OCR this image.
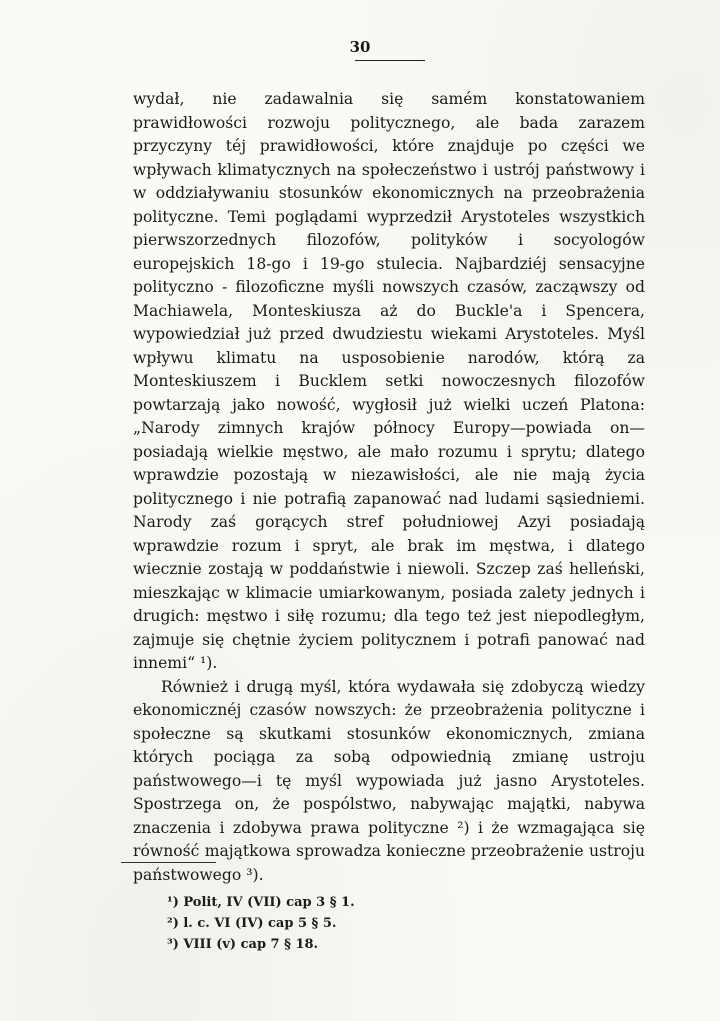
30

wydał, nie zadawalnia się samém konstatowaniem prawidłowości rozwoju politycznego, ale bada zarazem przyczyny téj prawidłowości, które znajduje po części we wpływach klimatycznych na społeczeństwo i ustrój państwowy i w oddziaływaniu stosunków ekonomicznych na przeobrażenia polityczne. Temi poglądami wyprzedził Arystoteles wszystkich pierwszorzednych filozofów, polityków i socyologów europejskich 18-go i 19-go stulecia. Najbardziéj sensacyjne polityczno - filozoficzne myśli nowszych czasów, zacząwszy od Machiawela, Monteskiusza aż do Buckle'a i Spencera, wypowiedział już przed dwudziestu wiekami Arystoteles. Myśl wpływu klimatu na usposobienie narodów, którą za Monteskiuszem i Bucklem setki nowoczesnych filozofów powtarzają jako nowość, wygłosił już wielki uczeń Platona: „Narody zimnych krajów północy Europy—powiada on—posiadają wielkie męstwo, ale mało rozumu i sprytu; dlatego wprawdzie pozostają w niezawisłości, ale nie mają życia politycznego i nie potrafią zapanować nad ludami sąsiedniemi. Narody zaś gorących stref południowej Azyi posiadają wprawdzie rozum i spryt, ale brak im męstwa, i dlatego wiecznie zostają w poddaństwie i niewoli. Szczep zaś helleński, mieszkając w klimacie umiarkowanym, posiada zalety jednych i drugich: męstwo i siłę rozumu; dla tego też jest niepodległym, zajmuje się chętnie życiem politycznem i potrafi panować nad innemi“ ¹).

Również i drugą myśl, która wydawała się zdobyczą wiedzy ekonomicznéj czasów nowszych: że przeobrażenia polityczne i społeczne są skutkami stosunków ekonomicznych, zmiana których pociąga za sobą odpowiednią zmianę ustroju państwowego—i tę myśl wypowiada już jasno Arystoteles. Spostrzega on, że pospólstwo, nabywając majątki, nabywa znaczenia i zdobywa prawa polityczne ²) i że wzmagająca się równość majątkowa sprowadza konieczne przeobrażenie ustroju państwowego ³).

¹) Polit, IV (VII) cap 3 § 1.

²) l. c. VI (IV) cap 5 § 5.

³) VIII (v) cap 7 § 18.
